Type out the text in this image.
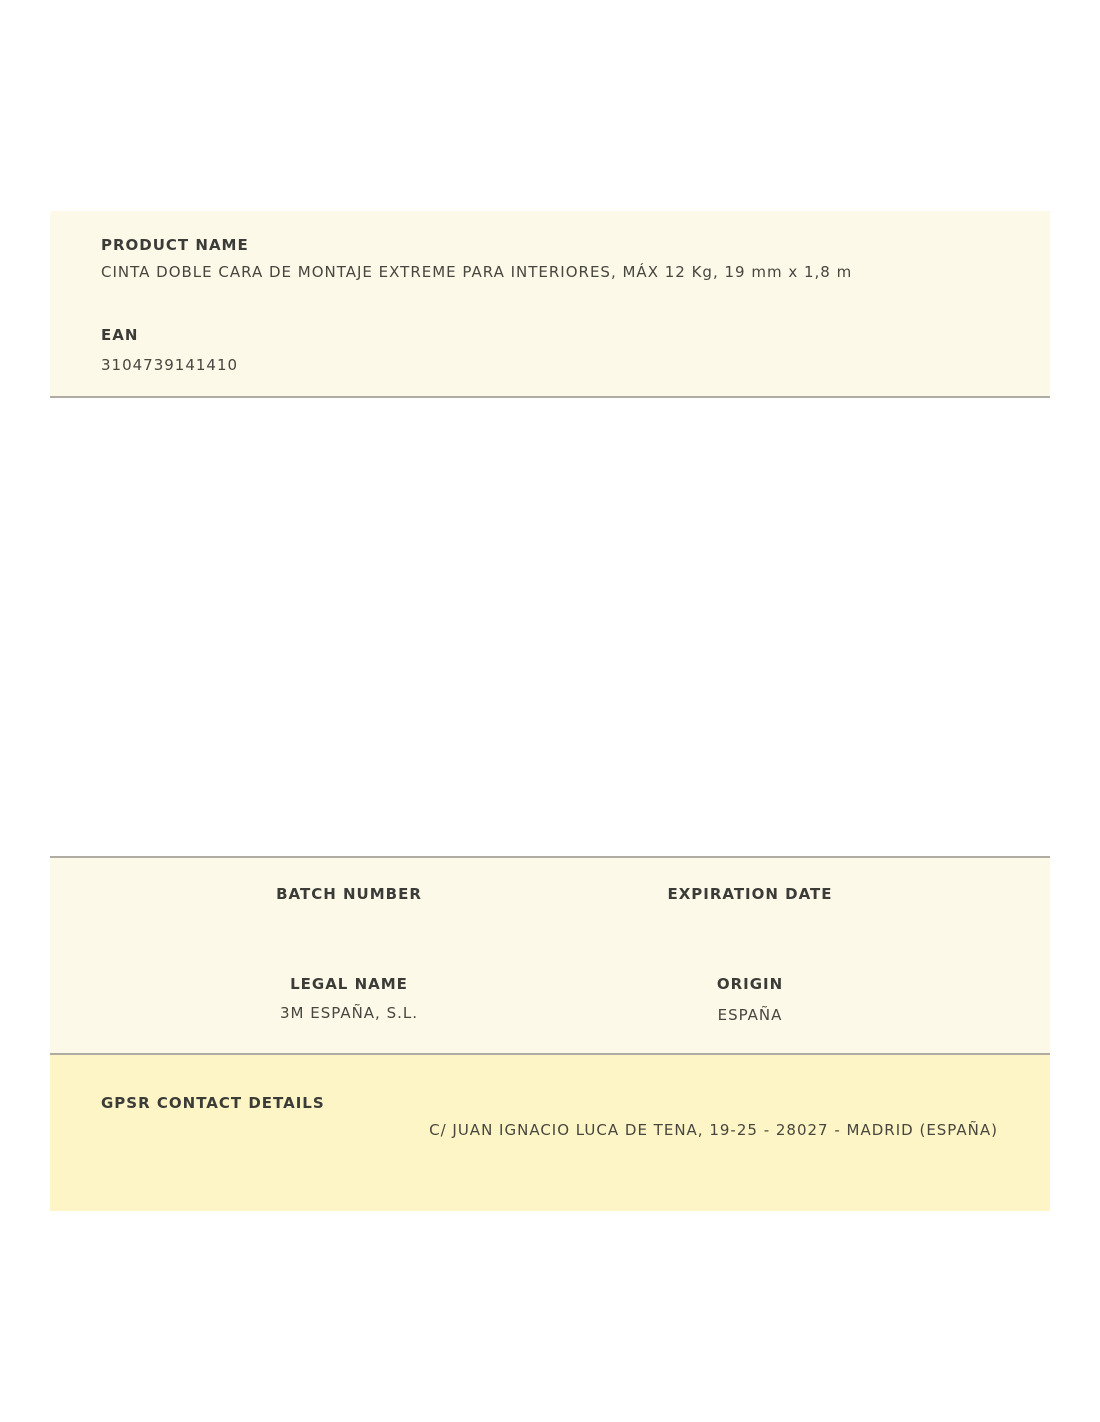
PRODUCT NAME
CINTA DOBLE CARA DE MONTAJE EXTREME PARA INTERIORES, MÁX 12 Kg, 19 mm x 1,8 m
EAN
3104739141410
BATCH NUMBER	EXPIRATION DATE
LEGAL NAME
3M ESPAÑA, S.L.
ORIGIN
ESPAÑA
GPSR CONTACT DETAILS
C/ JUAN IGNACIO LUCA DE TENA, 19-25 - 28027 - MADRID (ESPAÑA)
